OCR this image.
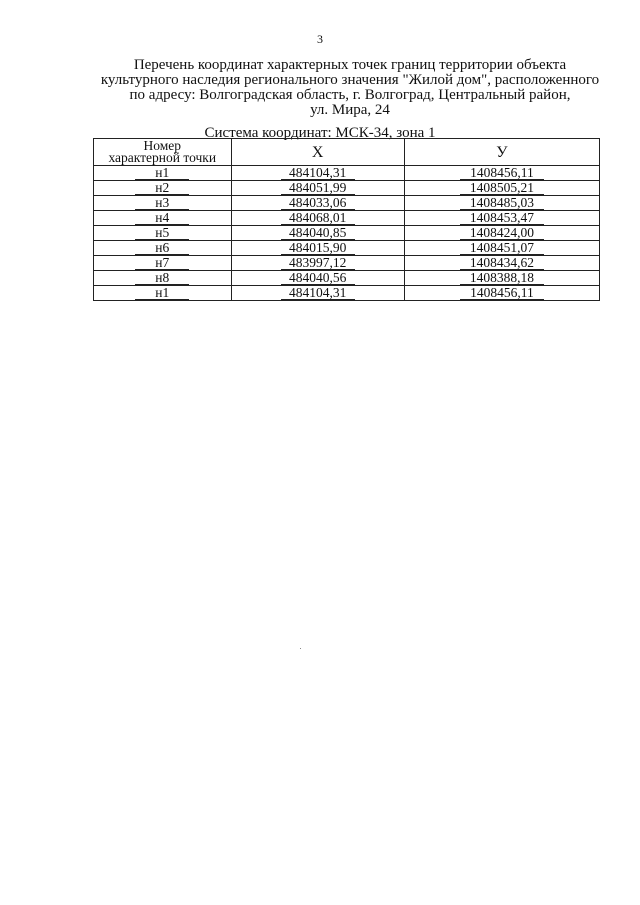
3
Перечень координат характерных точек границ территории объекта
культурного наследия регионального значения "Жилой дом", расположенного
по адресу: Волгоградская область, г. Волгоград, Центральный район,
ул. Мира, 24
Система координат: МСК-34, зона 1
Номер
характерной точки	Х	У
н1	484104,31	1408456,11
н2	484051,99	1408505,21
н3	484033,06	1408485,03
н4	484068,01	1408453,47
н5	484040,85	1408424,00
н6	484015,90	1408451,07
н7	483997,12	1408434,62
н8	484040,56	1408388,18
н1	484104,31	1408456,11
